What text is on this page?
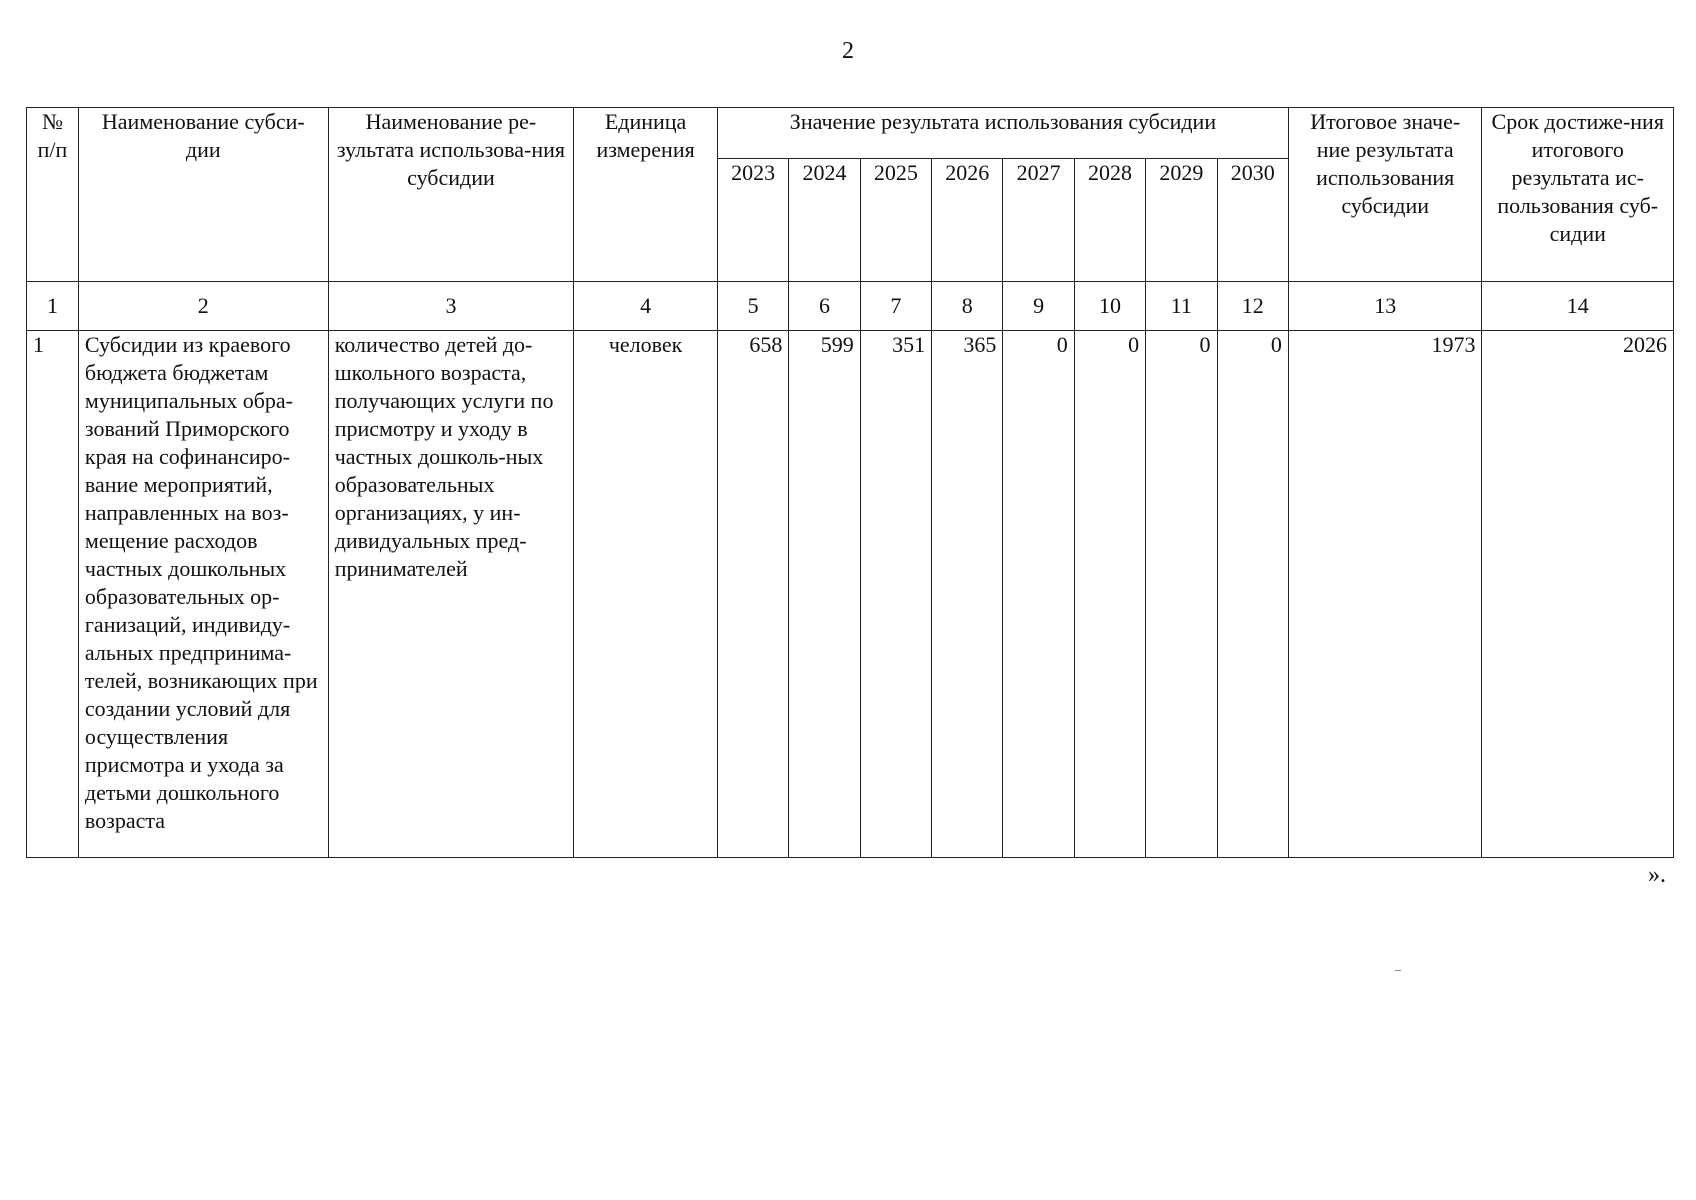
2
№ п/п	Наименование субси-дии	Наименование ре-зультата использова-ния субсидии	Единица измерения	Значение результата использования субсидии								Итоговое значе-ние результата использования субсидии	Срок достиже-ния итогового результата ис-пользования суб-сидии
				2023	2024	2025	2026	2027	2028	2029	2030		
1	2	3	4	5	6	7	8	9	10	11	12	13	14
1	Субсидии из краевого бюджета бюджетам муниципальных обра-зований Приморского края на софинансиро-вание мероприятий, направленных на воз-мещение расходов частных дошкольных образовательных ор-ганизаций, индивиду-альных предпринима-телей, возникающих при создании условий для осуществления присмотра и ухода за детьми дошкольного возраста	количество детей до-школьного возраста, получающих услуги по присмотру и уходу в частных дошколь-ных образовательных организациях, у ин-дивидуальных пред-принимателей	человек	658	599	351	365	0	0	0	0	1973	2026
».
